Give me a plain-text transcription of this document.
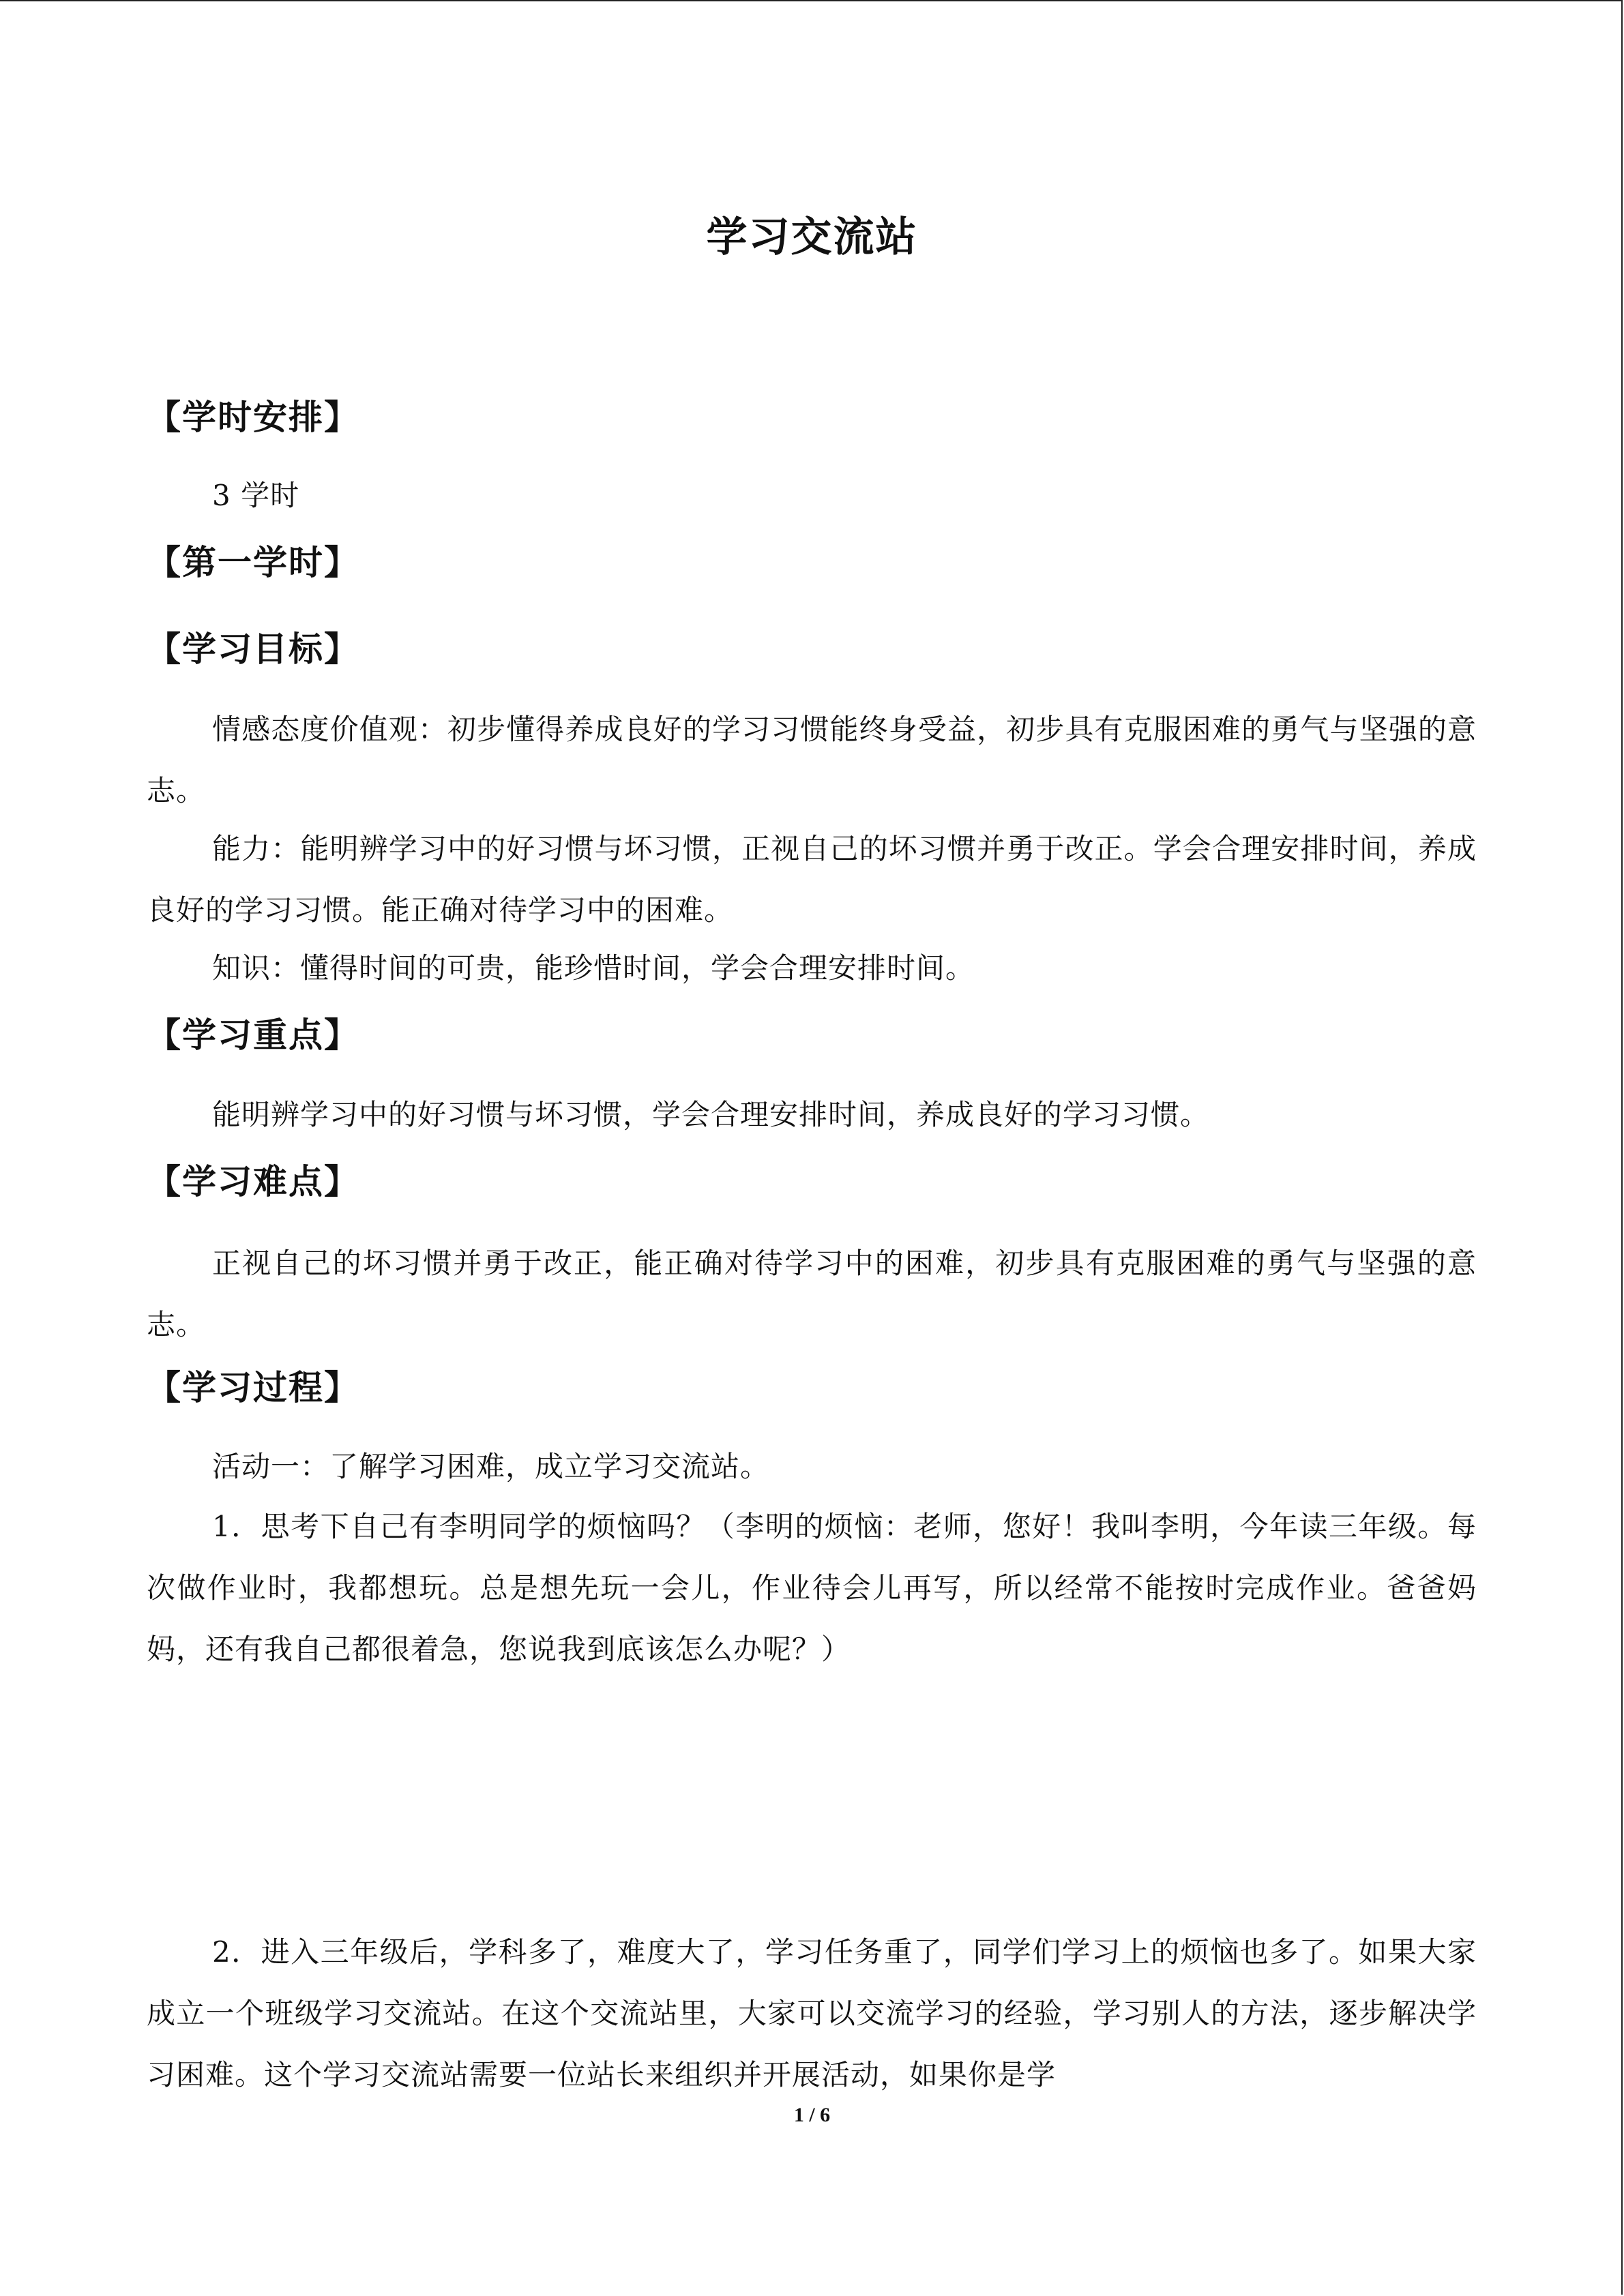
学习交流站
【学时安排】
3 学时
【第一学时】
【学习目标】
情感态度价值观：初步懂得养成良好的学习习惯能终身受益，初步具有克服困难的勇气与坚强的意志。
能力：能明辨学习中的好习惯与坏习惯，正视自己的坏习惯并勇于改正。学会合理安排时间，养成良好的学习习惯。能正确对待学习中的困难。
知识：懂得时间的可贵，能珍惜时间，学会合理安排时间。
【学习重点】
能明辨学习中的好习惯与坏习惯，学会合理安排时间，养成良好的学习习惯。
【学习难点】
正视自己的坏习惯并勇于改正，能正确对待学习中的困难，初步具有克服困难的勇气与坚强的意志。
【学习过程】
活动一：了解学习困难，成立学习交流站。
1．思考下自己有李明同学的烦恼吗？（李明的烦恼：老师，您好！我叫李明，今年读三年级。每次做作业时，我都想玩。总是想先玩一会儿，作业待会儿再写，所以经常不能按时完成作业。爸爸妈妈，还有我自己都很着急，您说我到底该怎么办呢？）
2．进入三年级后，学科多了，难度大了，学习任务重了，同学们学习上的烦恼也多了。如果大家成立一个班级学习交流站。在这个交流站里，大家可以交流学习的经验，学习别人的方法，逐步解决学习困难。这个学习交流站需要一位站长来组织并开展活动，如果你是学
1 / 6
